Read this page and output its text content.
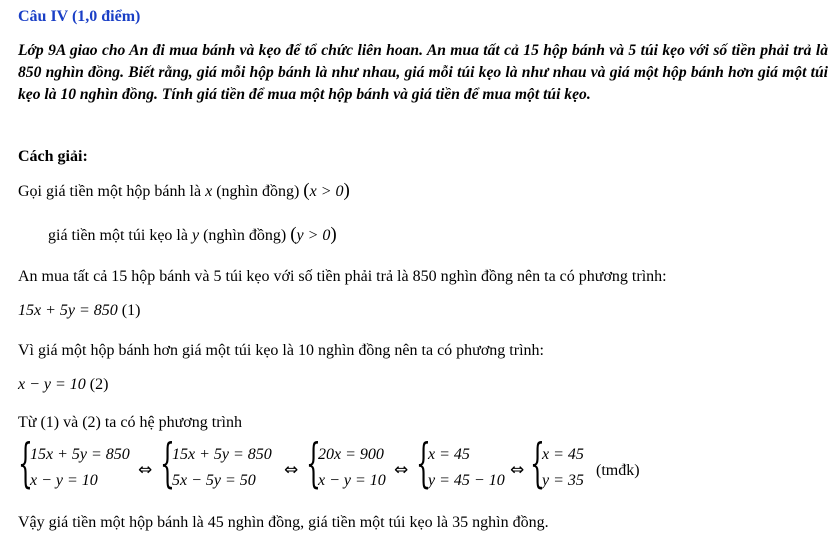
Câu IV (1,0 điểm)
Lớp 9A giao cho An đi mua bánh và kẹo để tổ chức liên hoan. An mua tất cả 15 hộp bánh và 5 túi kẹo với số tiền phải trả là 850 nghìn đồng. Biết rằng, giá mỗi hộp bánh là như nhau, giá mỗi túi kẹo là như nhau và giá một hộp bánh hơn giá một túi kẹo là 10 nghìn đồng. Tính giá tiền để mua một hộp bánh và giá tiền để mua một túi kẹo.
Cách giải:
Gọi giá tiền một hộp bánh là x (nghìn đồng) (x > 0)
giá tiền một túi kẹo là y (nghìn đồng) (y > 0)
An mua tất cả 15 hộp bánh và 5 túi kẹo với số tiền phải trả là 850 nghìn đồng nên ta có phương trình:
15x + 5y = 850 (1)
Vì giá một hộp bánh hơn giá một túi kẹo là 10 nghìn đồng nên ta có phương trình:
x − y = 10 (2)
Từ (1) và (2) ta có hệ phương trình
{
15x + 5y = 850
x − y = 10
⇔ {
15x + 5y = 850
5x − 5y = 50
⇔ {
20x = 900
x − y = 10
⇔ {
x = 45
y = 45 − 10
⇔ {
x = 45
y = 35
(tmđk)
Vậy giá tiền một hộp bánh là 45 nghìn đồng, giá tiền một túi kẹo là 35 nghìn đồng.
